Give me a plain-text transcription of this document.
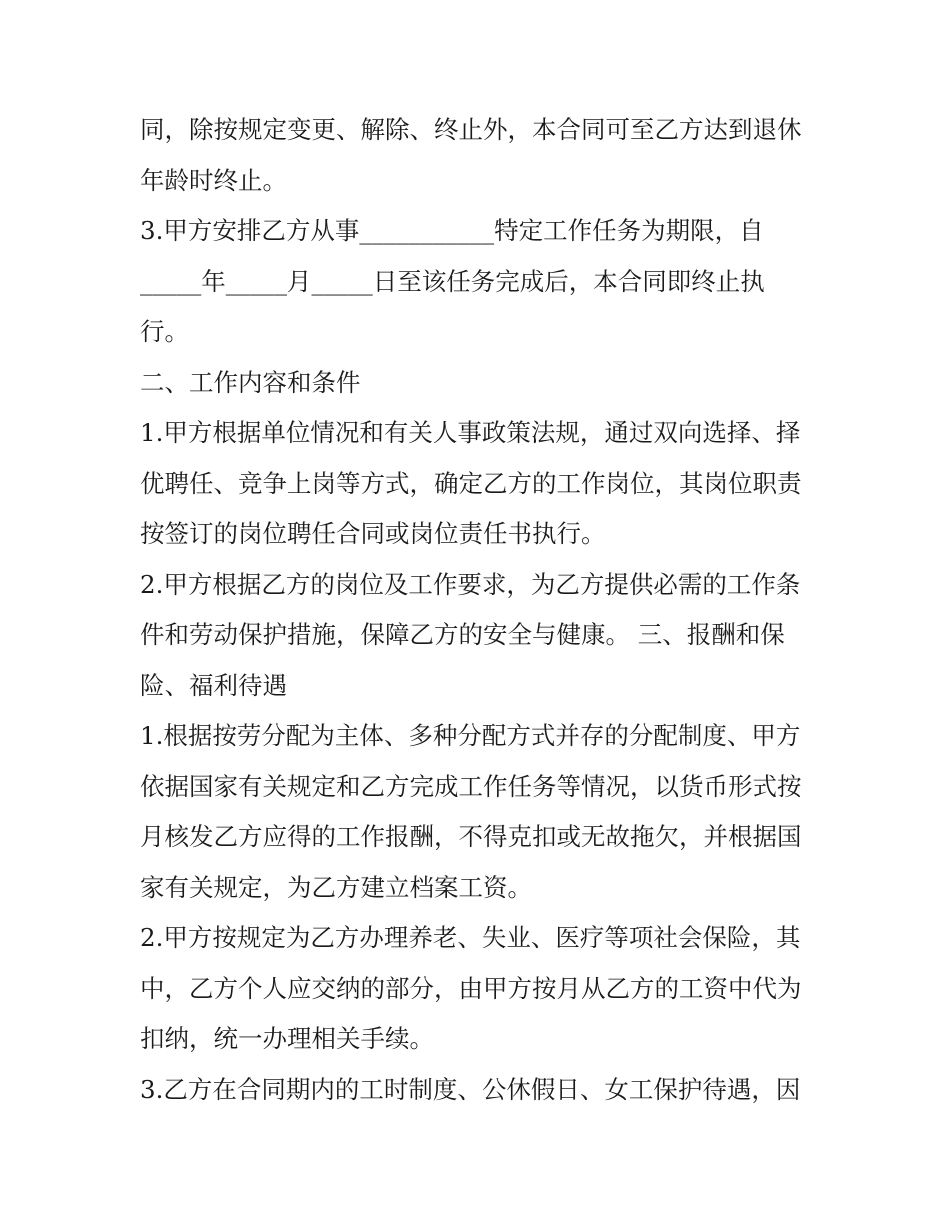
同，除按规定变更、解除、终止外，本合同可至乙方达到退休
年龄时终止。
3.甲方安排乙方从事___________特定工作任务为期限，自
_____年_____月_____日至该任务完成后，本合同即终止执
行。
二、工作内容和条件
1.甲方根据单位情况和有关人事政策法规，通过双向选择、择
优聘任、竞争上岗等方式，确定乙方的工作岗位，其岗位职责
按签订的岗位聘任合同或岗位责任书执行。
2.甲方根据乙方的岗位及工作要求，为乙方提供必需的工作条
件和劳动保护措施，保障乙方的安全与健康。 三、报酬和保
险、福利待遇
1.根据按劳分配为主体、多种分配方式并存的分配制度、甲方
依据国家有关规定和乙方完成工作任务等情况，以货币形式按
月核发乙方应得的工作报酬，不得克扣或无故拖欠，并根据国
家有关规定，为乙方建立档案工资。
2.甲方按规定为乙方办理养老、失业、医疗等项社会保险，其
中，乙方个人应交纳的部分，由甲方按月从乙方的工资中代为
扣纳，统一办理相关手续。
3.乙方在合同期内的工时制度、公休假日、女工保护待遇，因
